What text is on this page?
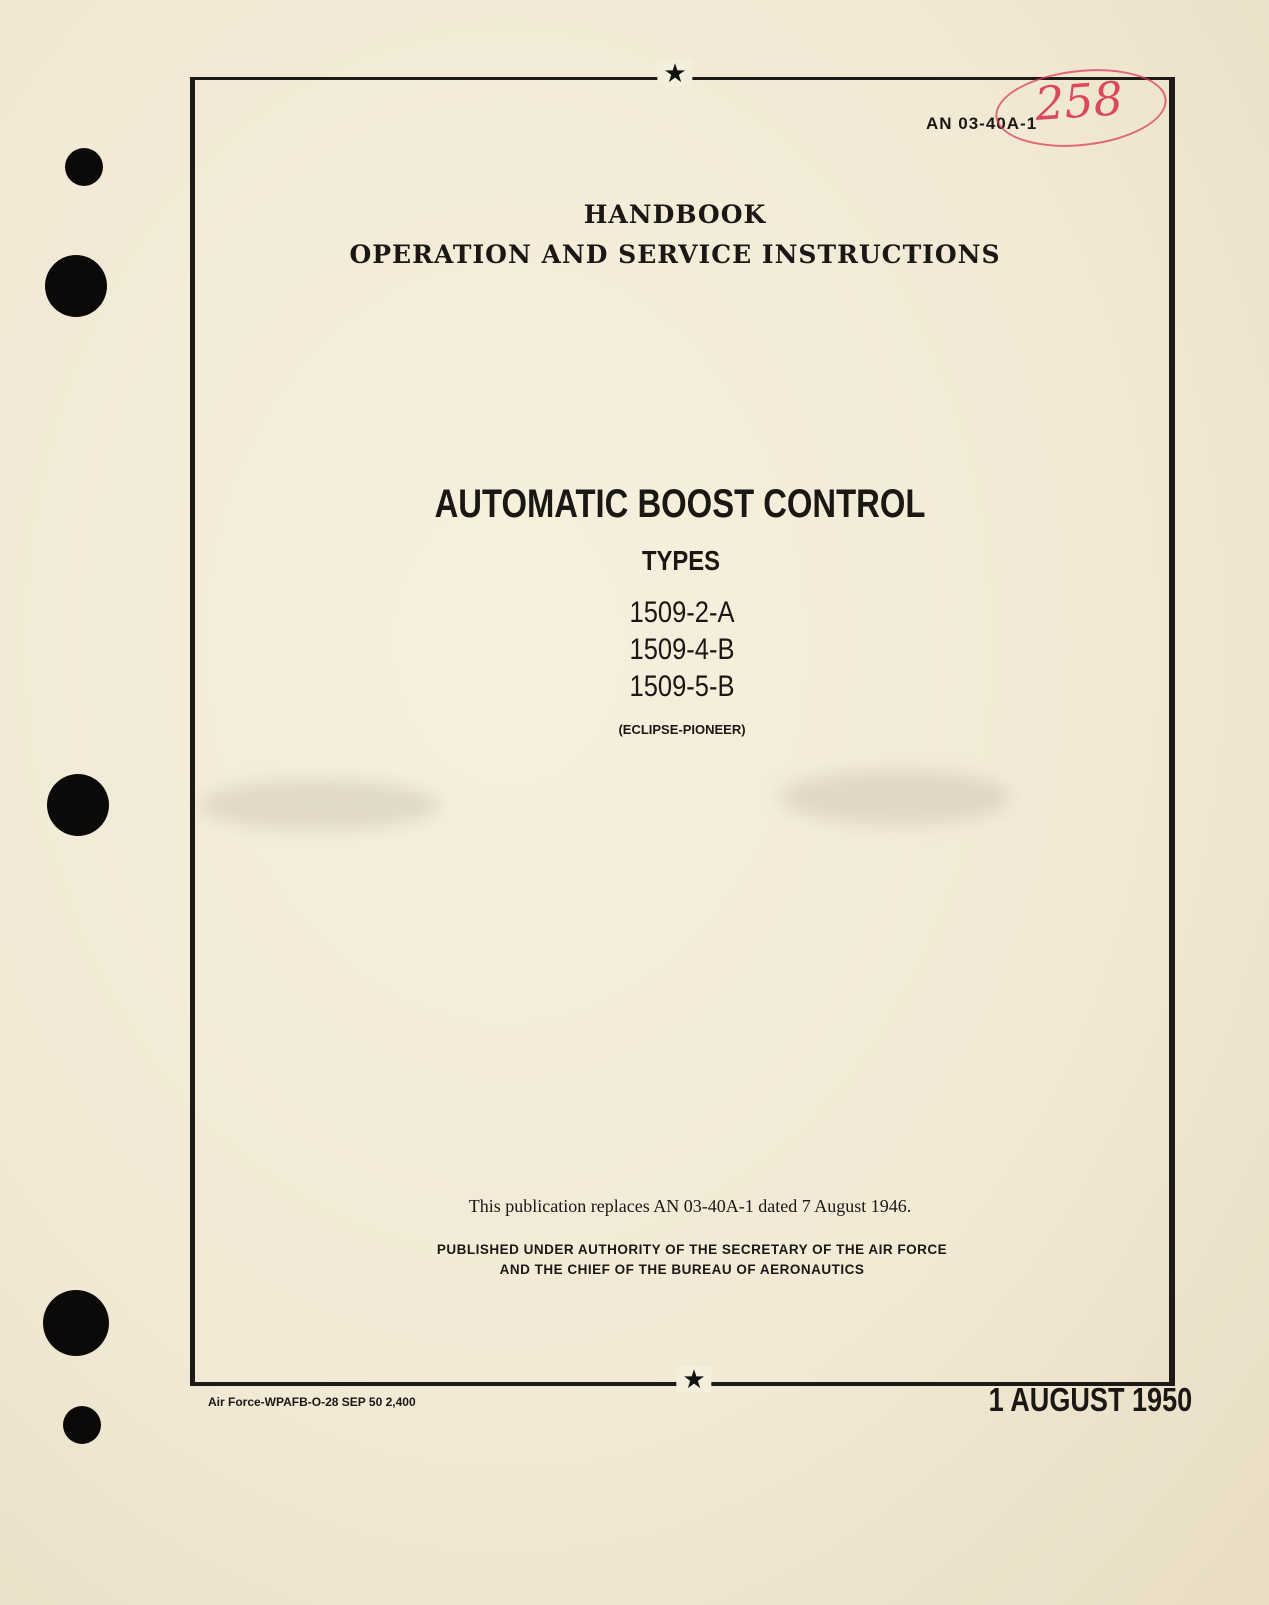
★
★
AN 03-40A-1
258
HANDBOOK
OPERATION AND SERVICE INSTRUCTIONS
AUTOMATIC BOOST CONTROL
TYPES
1509-2-A
1509-4-B
1509-5-B
(ECLIPSE-PIONEER)
This publication replaces AN 03-40A-1 dated 7 August 1946.
PUBLISHED UNDER AUTHORITY OF THE SECRETARY OF THE AIR FORCE
AND THE CHIEF OF THE BUREAU OF AERONAUTICS
Air Force-WPAFB-O-28 SEP 50 2,400	1 AUGUST 1950
